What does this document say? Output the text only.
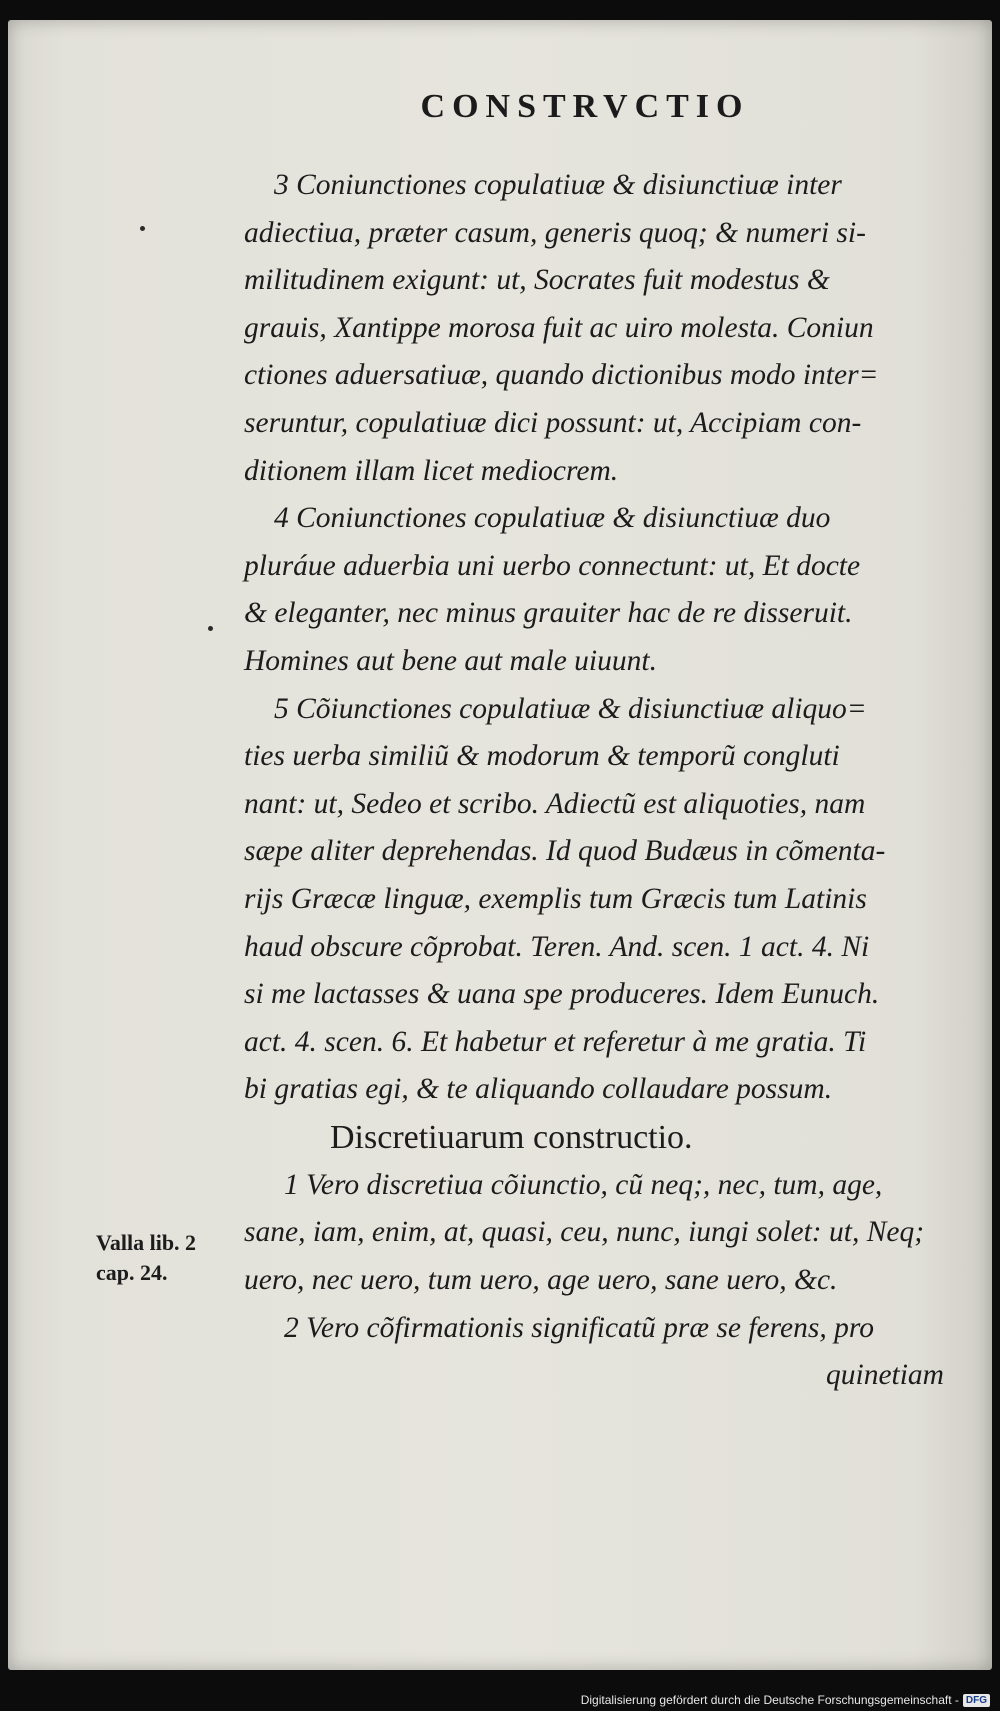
CONSTRVCTIO
3 Coniunctiones copulatiuæ & disiunctiuæ inter
adiectiua, præter casum, generis quoq; & numeri si-
militudinem exigunt: ut, Socrates fuit modestus &
grauis, Xantippe morosa fuit ac uiro molesta. Coniun
ctiones aduersatiuæ, quando dictionibus modo inter=
seruntur, copulatiuæ dici possunt: ut, Accipiam con-
ditionem illam licet mediocrem.
4 Coniunctiones copulatiuæ & disiunctiuæ duo
pluráue aduerbia uni uerbo connectunt: ut, Et docte
& eleganter, nec minus grauiter hac de re disseruit.
Homines aut bene aut male uiuunt.
5 Cõiunctiones copulatiuæ & disiunctiuæ aliquo=
ties uerba similiũ & modorum & temporũ congluti
nant: ut, Sedeo et scribo. Adiectũ est aliquoties, nam
sæpe aliter deprehendas. Id quod Budæus in cõmenta-
rijs Græcæ linguæ, exemplis tum Græcis tum Latinis
haud obscure cõprobat. Teren. And. scen. 1 act. 4. Ni
si me lactasses & uana spe produceres. Idem Eunuch.
act. 4. scen. 6. Et habetur et referetur à me gratia. Ti
bi gratias egi, & te aliquando collaudare possum.
Discretiuarum constructio.
1 Vero discretiua cõiunctio, cũ neq;, nec, tum, age,
sane, iam, enim, at, quasi, ceu, nunc, iungi solet: ut, Neq;
uero, nec uero, tum uero, age uero, sane uero, &c.
2 Vero cõfirmationis significatũ præ se ferens, pro
quinetiam
Valla lib. 2
cap. 24.
Digitalisierung gefördert durch die Deutsche Forschungsgemeinschaft - DFG
